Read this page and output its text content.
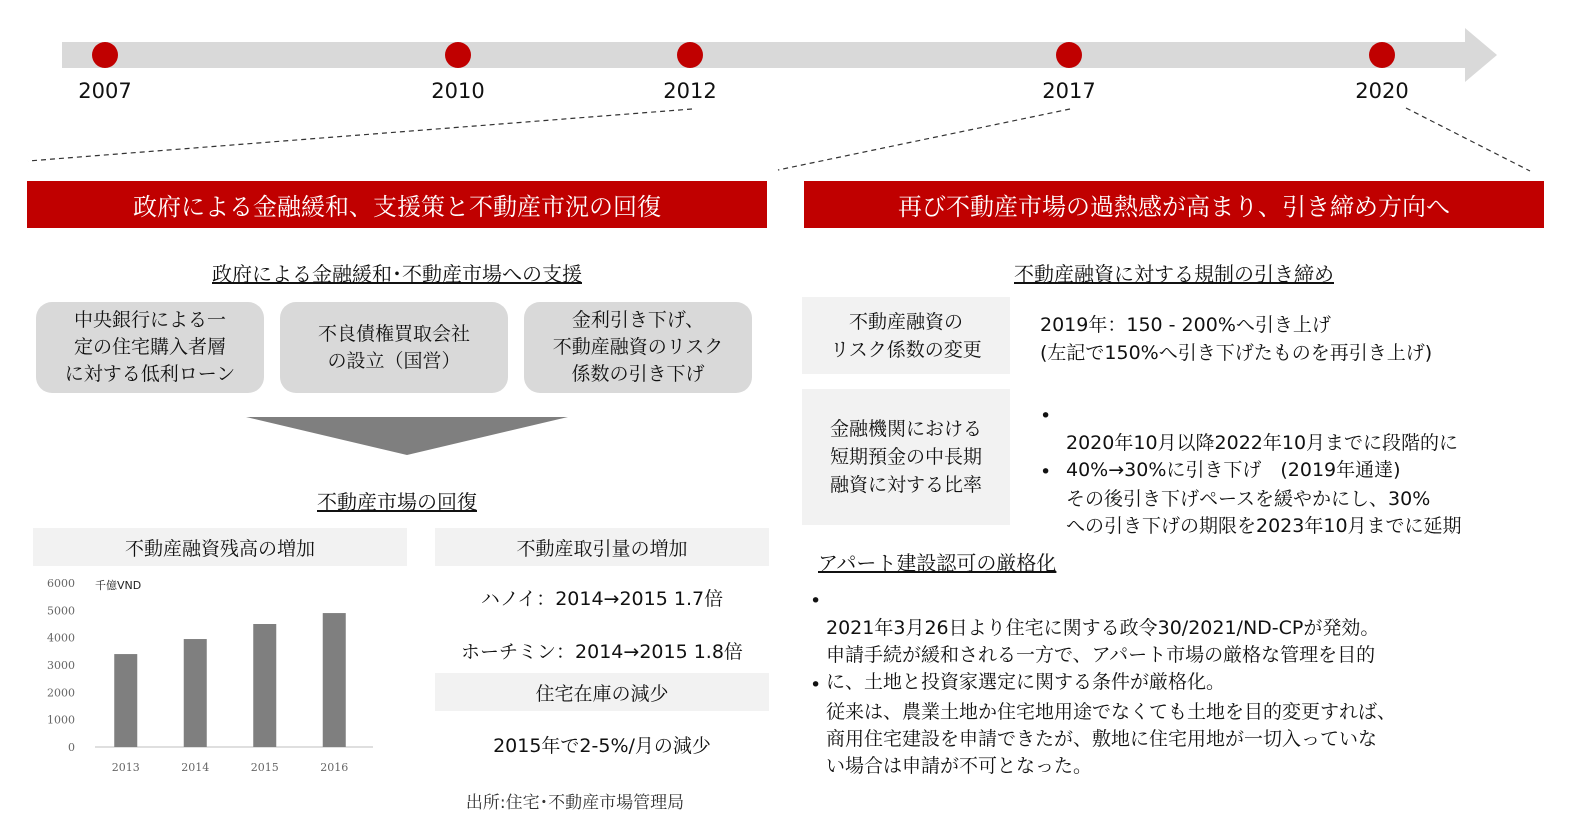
2007	2010	2012	2017	2020
政府による金融緩和、支援策と不動産市況の回復
政府による金融緩和･不動産市場への支援
中央銀行による一
定の住宅購入者層
に対する低利ローン
不良債権買取会社
の設立（国営）
金利引き下げ、
不動産融資のリスク
係数の引き下げ
不動産市場の回復
不動産融資残高の増加
千億VND
6000
5000
4000
3000
2000
1000
0
2013	2014	2015	2016
不動産取引量の増加
ハノイ：2014→2015 1.7倍
ホーチミン：2014→2015 1.8倍
住宅在庫の減少
2015年で2-5%/月の減少
出所:住宅･不動産市場管理局
再び不動産市場の過熱感が高まり、引き締め方向へ
不動産融資に対する規制の引き締め
不動産融資の
リスク係数の変更
2019年：150 - 200%へ引き上げ
(左記で150%へ引き下げたものを再引き上げ)
金融機関における
短期預金の中長期
融資に対する比率

•
2020年10月以降2022年10月までに段階的に
40%→30%に引き下げ　(2019年通達)

•
その後引き下げペースを緩やかにし、30%
への引き下げの期限を2023年10月までに延期

アパート建設認可の厳格化

•
2021年3月26日より住宅に関する政令30/2021/ND-CPが発効。
申請手続が緩和される一方で、アパート市場の厳格な管理を目的
に、土地と投資家選定に関する条件が厳格化。

•
従来は、農業土地か住宅地用途でなくても土地を目的変更すれば、
商用住宅建設を申請できたが、敷地に住宅用地が一切入っていな
い場合は申請が不可となった。
